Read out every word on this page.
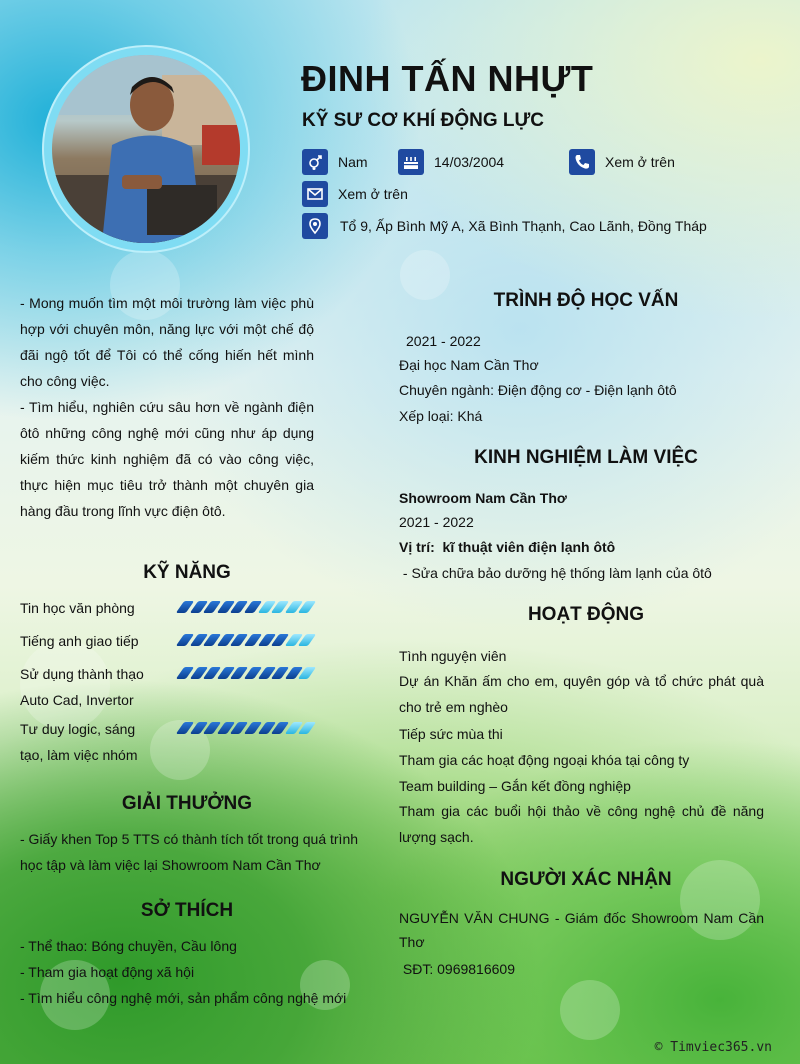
ĐINH TẤN NHỰT
KỸ SƯ CƠ KHÍ ĐỘNG LỰC
Nam	14/03/2004	Xem ở trên
Xem ở trên
Tổ 9, Ấp Bình Mỹ A, Xã Bình Thạnh, Cao Lãnh, Đồng Tháp

- Mong muốn tìm một môi trường làm việc phù hợp với chuyên môn, năng lực với một chế độ đãi ngộ tốt để Tôi có thể cống hiến hết mình cho công việc.

- Tìm hiểu, nghiên cứu sâu hơn về ngành điện ôtô những công nghệ mới cũng như áp dụng kiếm thức kinh nghiệm đã có vào công việc, thực hiện mục tiêu trở thành một chuyên gia hàng đầu trong lĩnh vực điện ôtô.

KỸ NĂNG
GIẢI THƯỞNG

- Giấy khen Top 5 TTS có thành tích tốt trong quá trình học tập và làm việc lại Showroom Nam Cần Thơ

SỞ THÍCH
- Thể thao: Bóng chuyền, Cầu lông
- Tham gia hoạt động xã hội
- Tìm hiểu công nghệ mới, sản phẩm công nghệ mới
TRÌNH ĐỘ HỌC VẤN
2021 - 2022
Đại học Nam Cần Thơ
Chuyên ngành: Điện động cơ - Điện lạnh ôtô
Xếp loại: Khá
KINH NGHIỆM LÀM VIỆC
Showroom Nam Cần Thơ
2021 - 2022
Vị trí:  kĩ thuật viên điện lạnh ôtô
- Sửa chữa bảo dưỡng hệ thống làm lạnh của ôtô
HOẠT ĐỘNG
Tình nguyện viên

Dự án Khăn ấm cho em, quyên góp và tổ chức phát quà cho trẻ em nghèo

Tiếp sức mùa thi
Tham gia các hoạt động ngoại khóa tại công ty
Team building – Gắn kết đồng nghiệp

Tham gia các buổi hội thảo về công nghệ chủ đề năng lượng sạch.

NGƯỜI XÁC NHẬN

NGUYỄN VĂN CHUNG - Giám đốc Showroom Nam Cần Thơ

SĐT: 0969816609
© Timviec365.vn
Tin học văn phòng
Tiếng anh giao tiếp
Sử dụng thành thạo Auto Cad, Invertor
Tư duy logic, sáng tạo, làm việc nhóm
